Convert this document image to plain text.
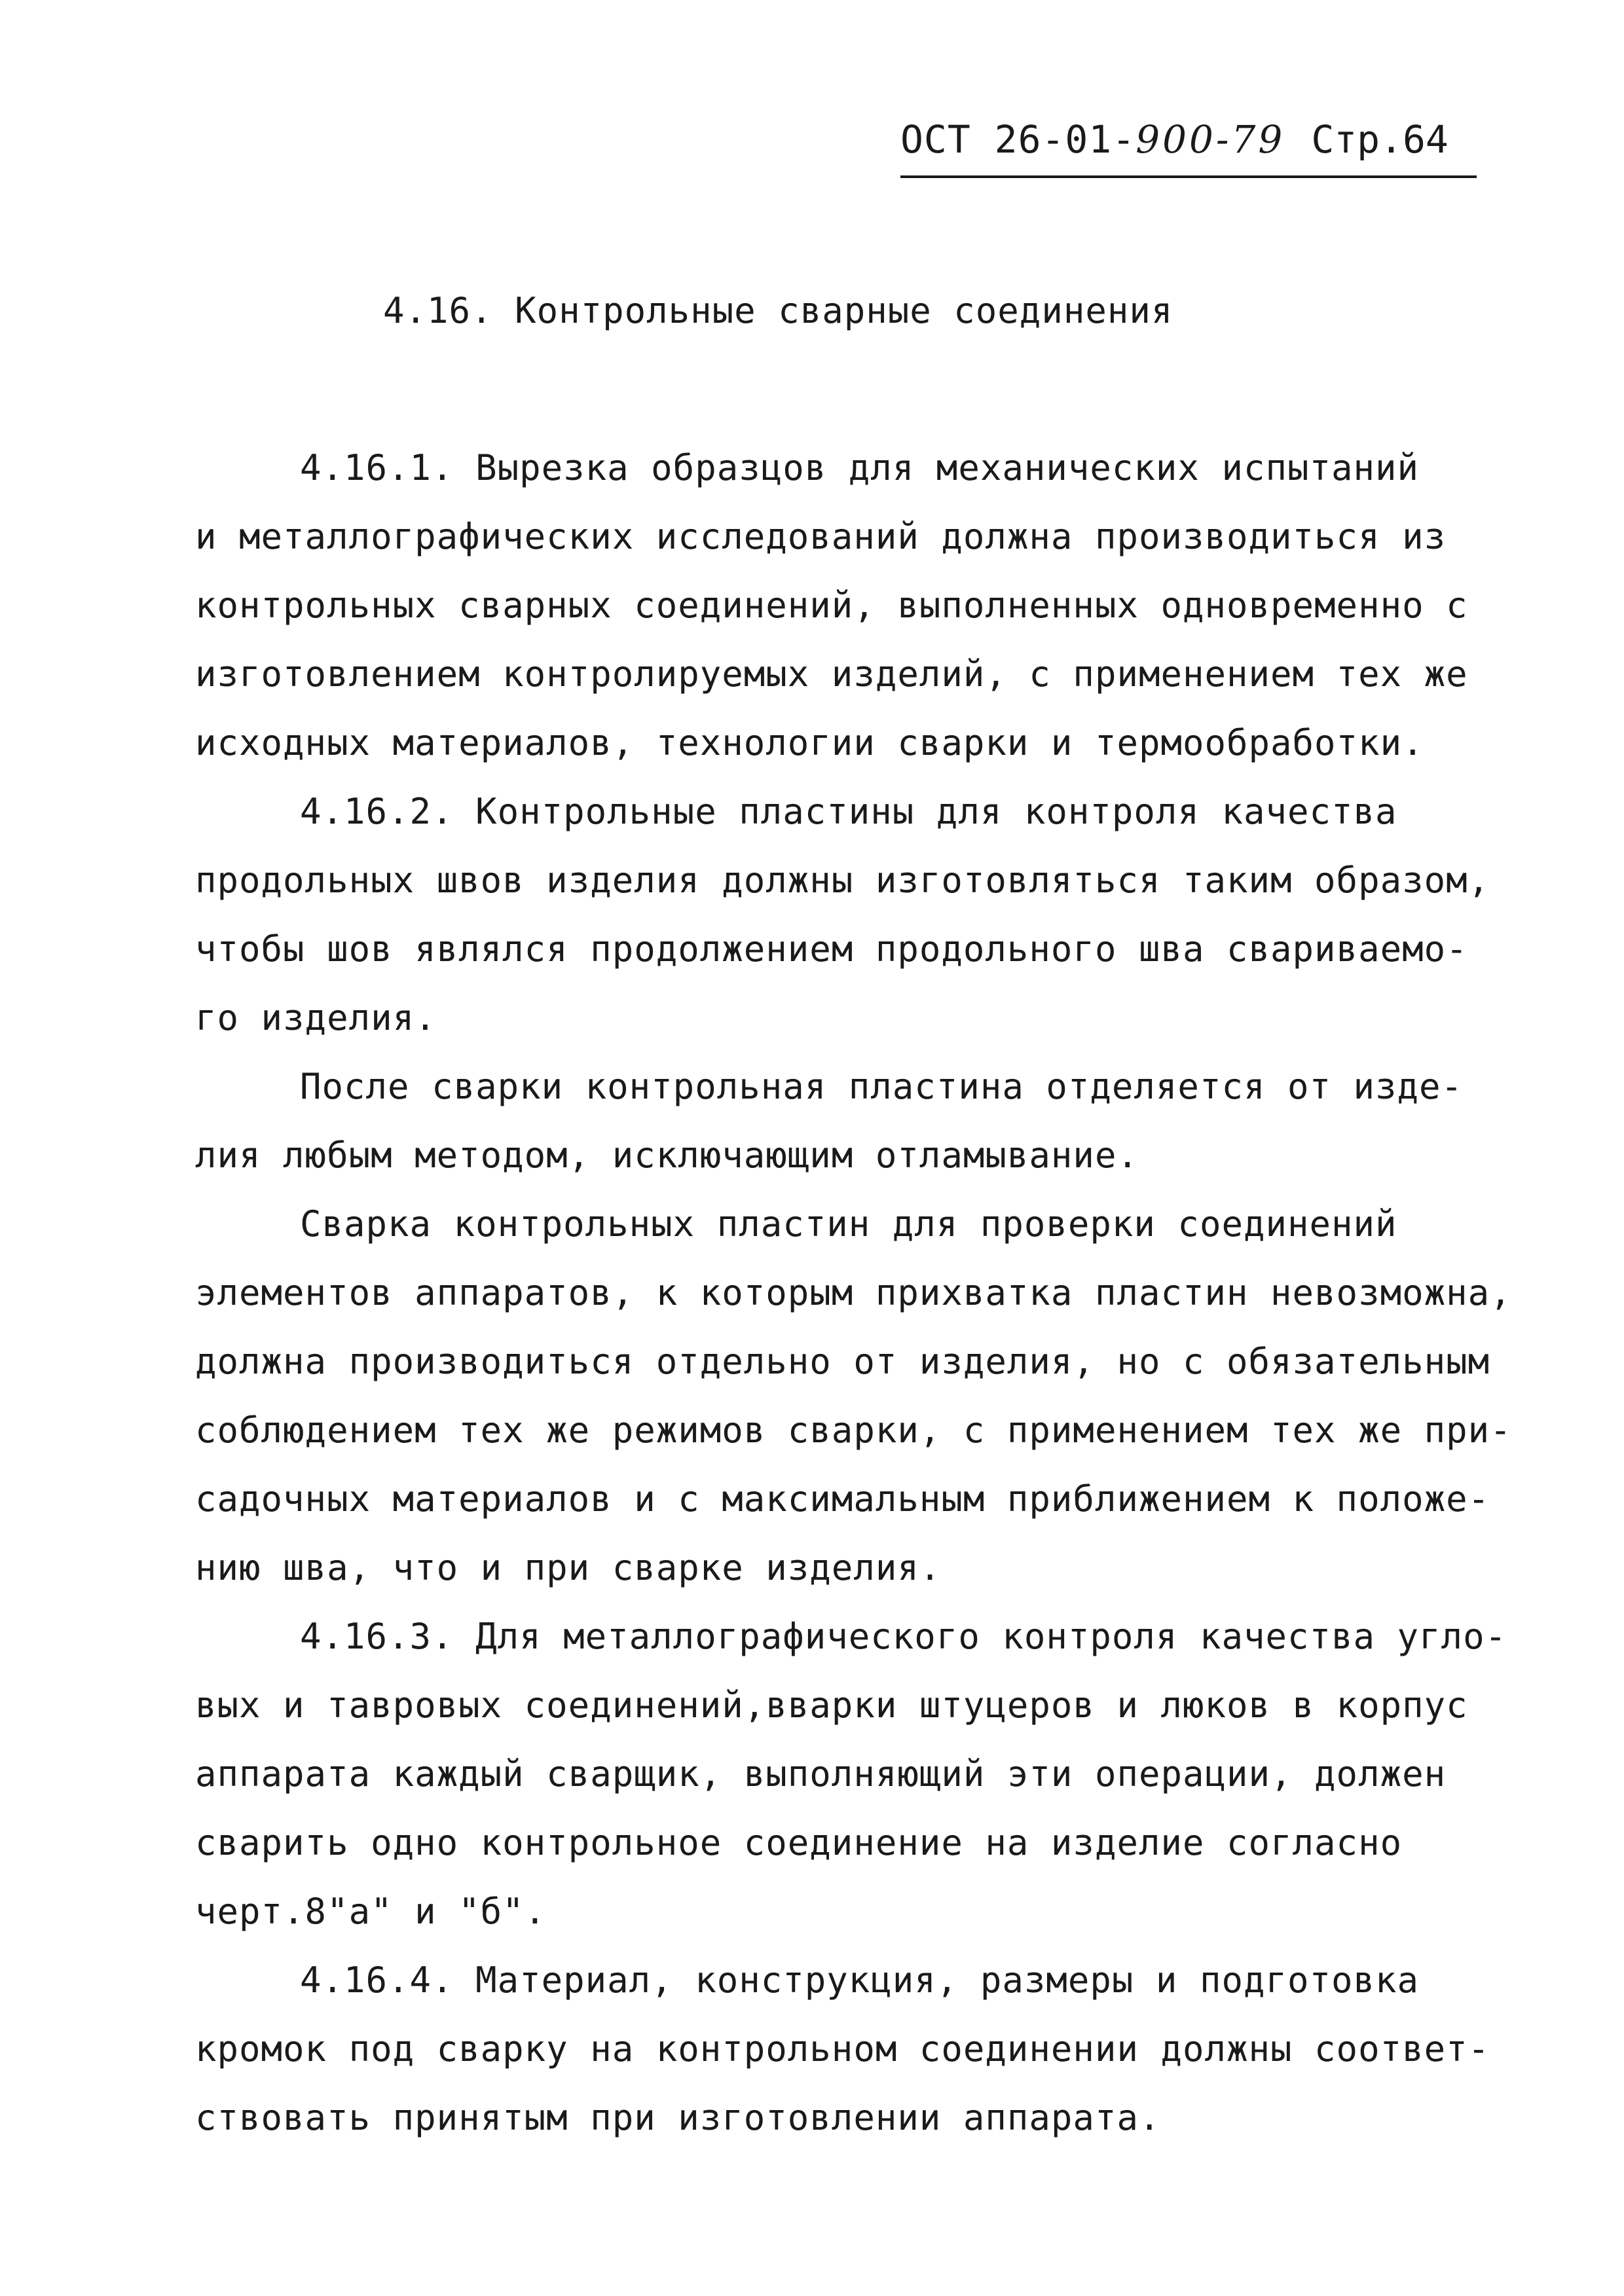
ОСТ 26-01-900-79 Стр.64
4.16. Контрольные сварные соединения
4.16.1. Вырезка образцов для механических испытаний
и металлографических исследований должна производиться из
контрольных сварных соединений, выполненных одновременно с
изготовлением контролируемых изделий, с применением тех же
исходных материалов, технологии сварки и термообработки.
4.16.2. Контрольные пластины для контроля качества
продольных швов изделия должны изготовляться таким образом,
чтобы шов являлся продолжением продольного шва свариваемо-
го изделия.
После сварки контрольная пластина отделяется от изде-
лия любым методом, исключающим отламывание.
Сварка контрольных пластин для проверки соединений
элементов аппаратов, к которым прихватка пластин невозможна,
должна производиться отдельно от изделия, но с обязательным
соблюдением тех же режимов сварки, с применением тех же при-
садочных материалов и с максимальным приближением к положе-
нию шва, что и при сварке изделия.
4.16.3. Для металлографического контроля качества угло-
вых и тавровых соединений,вварки штуцеров и люков в корпус
аппарата каждый сварщик, выполняющий эти операции, должен
сварить одно контрольное соединение на изделие согласно
черт.8"а" и "б".
4.16.4. Материал, конструкция, размеры и подготовка
кромок под сварку на контрольном соединении должны соответ-
ствовать принятым при изготовлении аппарата.
